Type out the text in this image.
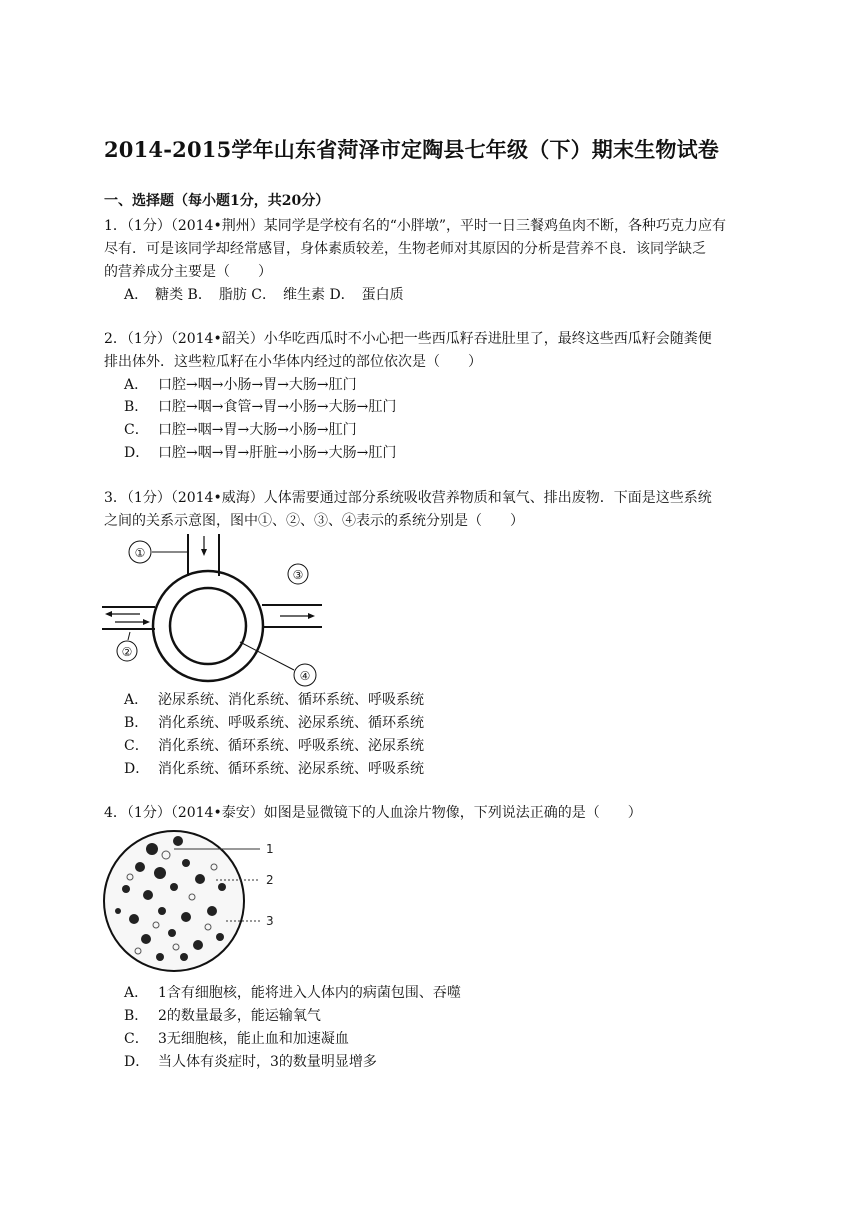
2014-2015学年山东省菏泽市定陶县七年级（下）期末生物试卷
一、选择题（每小题1分，共20分）
1．（1分）（2014•荆州）某同学是学校有名的“小胖墩”，平时一日三餐鸡鱼肉不断，各种巧克力应有
尽有．可是该同学却经常感冒，身体素质较差，生物老师对其原因的分析是营养不良．该同学缺乏
的营养成分主要是（　　）
A．　糖类 B．　脂肪 C．　维生素 D．　蛋白质
2．（1分）（2014•韶关）小华吃西瓜时不小心把一些西瓜籽吞进肚里了，最终这些西瓜籽会随粪便
排出体外．这些粒瓜籽在小华体内经过的部位依次是（　　）
A． 口腔→咽→小肠→胃→大肠→肛门
B． 口腔→咽→食管→胃→小肠→大肠→肛门
C． 口腔→咽→胃→大肠→小肠→肛门
D． 口腔→咽→胃→肝脏→小肠→大肠→肛门
3．（1分）（2014•威海）人体需要通过部分系统吸收营养物质和氧气、排出废物．下面是这些系统
之间的关系示意图，图中①、②、③、④表示的系统分别是（　　）
①
②
③
④
A． 泌尿系统、消化系统、循环系统、呼吸系统
B． 消化系统、呼吸系统、泌尿系统、循环系统
C． 消化系统、循环系统、呼吸系统、泌尿系统
D． 消化系统、循环系统、泌尿系统、呼吸系统
4．（1分）（2014•泰安）如图是显微镜下的人血涂片物像，下列说法正确的是（　　）
1
2
3
A． 1含有细胞核，能将进入人体内的病菌包围、吞噬
B． 2的数量最多，能运输氧气
C． 3无细胞核，能止血和加速凝血
D． 当人体有炎症时，3的数量明显增多
